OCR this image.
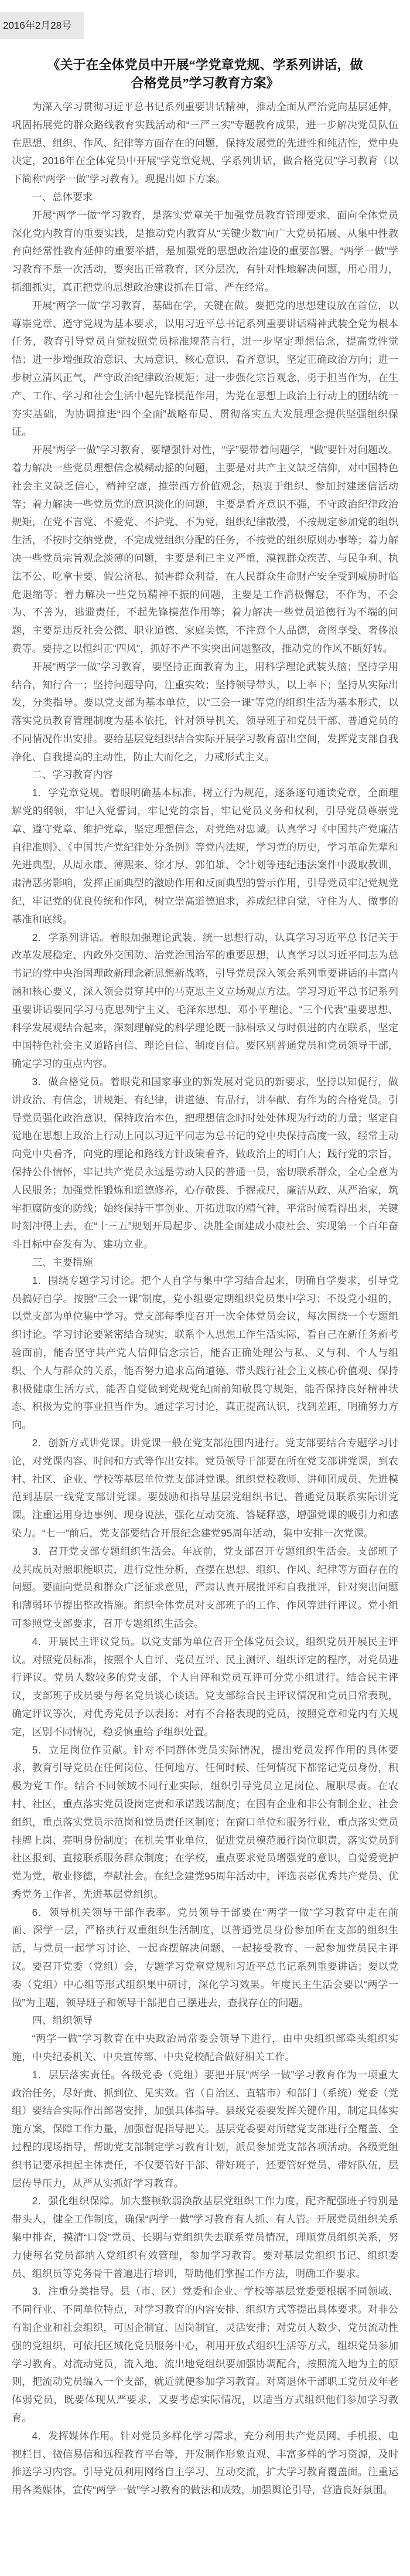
2016年2月28号
《关于在全体党员中开展“学党章党规、学系列讲话，做合格党员”学习教育方案》

为深入学习贯彻习近平总书记系列重要讲话精神，推动全面从严治党向基层延伸，巩固拓展党的群众路线教育实践活动和“三严三实”专题教育成果，进一步解决党员队伍在思想、组织、作风、纪律等方面存在的问题，保持发展党的先进性和纯洁性，党中央决定，2016年在全体党员中开展“学党章党规、学系列讲话，做合格党员”学习教育（以下简称“两学一做”学习教育）。现提出如下方案。

一、总体要求

开展“两学一做”学习教育，是落实党章关于加强党员教育管理要求、面向全体党员深化党内教育的重要实践，是推动党内教育从“关键少数”向广大党员拓展、从集中性教育向经常性教育延伸的重要举措，是加强党的思想政治建设的重要部署。“两学一做”学习教育不是一次活动，要突出正常教育，区分层次，有针对性地解决问题，用心用力，抓细抓实，真正把党的思想政治建设抓在日常、严在经常。

开展“两学一做”学习教育，基础在学，关键在做。要把党的思想建设放在首位，以尊崇党章、遵守党规为基本要求，以用习近平总书记系列重要讲话精神武装全党为根本任务，教育引导党员自觉按照党员标准规范言行，进一步坚定理想信念，提高党性觉悟；进一步增强政治意识、大局意识、核心意识、看齐意识，坚定正确政治方向；进一步树立清风正气，严守政治纪律政治规矩；进一步强化宗旨观念，勇于担当作为，在生产、工作、学习和社会生活中起先锋模范作用，为党在思想上政治上行动上的团结统一夯实基础，为协调推进“四个全面”战略布局、贯彻落实五大发展理念提供坚强组织保证。

开展“两学一做”学习教育，要增强针对性，“学”要带着问题学，“做”要针对问题改。着力解决一些党员理想信念模糊动摇的问题，主要是对共产主义缺乏信仰，对中国特色社会主义缺乏信心，精神空虚，推崇西方价值观念，热衷于组织、参加封建迷信活动等；着力解决一些党员党的意识淡化的问题，主要是看齐意识不强，不守政治纪律政治规矩，在党不言党、不爱党、不护党、不为党，组织纪律散漫，不按规定参加党的组织生活，不按时交纳党费，不完成党组织分配的任务，不按党的组织原则办事等；着力解决一些党员宗旨观念淡薄的问题，主要是利己主义严重，漠视群众疾苦、与民争利、执法不公、吃拿卡要、假公济私、损害群众利益，在人民群众生命财产安全受到威胁时临危退缩等；着力解决一些党员精神不振的问题，主要是工作消极懈怠，不作为、不会为、不善为，逃避责任，不起先锋模范作用等；着力解决一些党员道德行为不端的问题，主要是违反社会公德、职业道德、家庭美德，不注意个人品德，贪图享受、奢侈浪费等。要持之以恒纠正“四风”，抓好不严不实突出问题整改，推动党的作风不断好转。

开展“两学一做”学习教育，要坚持正面教育为主，用科学理论武装头脑；坚持学用结合，知行合一；坚持问题导向，注重实效；坚持领导带头，以上率下；坚持从实际出发，分类指导。要以党支部为基本单位，以“三会一课”等党的组织生活为基本形式，以落实党员教育管理制度为基本依托，针对领导机关、领导班子和党员干部、普通党员的不同情况作出安排。要给基层党组织结合实际开展学习教育留出空间，发挥党支部自我净化、自我提高的主动性，防止大而化之，力戒形式主义。

二、学习教育内容

1．学党章党规。着眼明确基本标准、树立行为规范，逐条逐句通读党章，全面理解党的纲领，牢记入党誓词，牢记党的宗旨，牢记党员义务和权利，引导党员尊崇党章、遵守党章、维护党章，坚定理想信念，对党绝对忠诚。认真学习《中国共产党廉洁自律准则》、《中国共产党纪律处分条例》等党内法规，学习党的历史，学习革命先辈和先进典型，从周永康、薄熙来、徐才厚、郭伯雄、令计划等违纪违法案件中汲取教训，肃清恶劣影响，发挥正面典型的激励作用和反面典型的警示作用，引导党员牢记党规党纪，牢记党的优良传统和作风，树立崇高道德追求，养成纪律自觉，守住为人、做事的基准和底线。

2．学系列讲话。着眼加强理论武装、统一思想行动，认真学习习近平总书记关于改革发展稳定、内政外交国防、治党治国治军的重要思想，认真学习以习近平同志为总书记的党中央治国理政新理念新思想新战略，引导党员深入领会系列重要讲话的丰富内涵和核心要义，深入领会贯穿其中的马克思主义立场观点方法。学习习近平总书记系列重要讲话要同学习马克思列宁主义、毛泽东思想、邓小平理论、“三个代表”重要思想、科学发展观结合起来，深刻理解党的科学理论既一脉相承又与时俱进的内在联系，坚定中国特色社会主义道路自信、理论自信、制度自信。要区别普通党员和党员领导干部，确定学习的重点内容。

3．做合格党员。着眼党和国家事业的新发展对党员的新要求，坚持以知促行，做讲政治、有信念，讲规矩、有纪律，讲道德、有品行，讲奉献、有作为的合格党员。引导党员强化政治意识，保持政治本色，把理想信念时时处处体现为行动的力量；坚定自觉地在思想上政治上行动上同以习近平同志为总书记的党中央保持高度一致，经常主动向党中央看齐，向党的理论和路线方针政策看齐，做政治上的明白人；践行党的宗旨，保持公仆情怀，牢记共产党员永远是劳动人民的普通一员，密切联系群众，全心全意为人民服务；加强党性锻炼和道德修养，心存敬畏、手握戒尺，廉洁从政、从严治家，筑牢拒腐防变的防线；始终保持干事创业、开拓进取的精气神，平常时候看得出来，关键时刻冲得上去，在“十三五”规划开局起步、决胜全面建成小康社会、实现第一个百年奋斗目标中奋发有为、建功立业。

三、主要措施

1．围绕专题学习讨论。把个人自学与集中学习结合起来，明确自学要求，引导党员搞好自学。按照“三会一课”制度，党小组要定期组织党员集中学习；不设党小组的，以党支部为单位集中学习。党支部每季度召开一次全体党员会议，每次围绕一个专题组织讨论。学习讨论要紧密结合现实，联系个人思想工作生活实际，看自己在新任务新考验面前，能否坚守共产党人信仰信念宗旨，能否正确处理公与私、义与利、个人与组织、个人与群众的关系，能否努力追求高尚道德、带头践行社会主义核心价值观、保持积极健康生活方式，能否自觉做到党规党纪面前知敬畏守规矩，能否保持良好精神状态、积极为党的事业担当作为。通过学习讨论，真正提高认识，找到差距，明确努力方向。

2．创新方式讲党课。讲党课一般在党支部范围内进行。党支部要结合专题学习讨论，对党课内容、时间和方式等作出安排。党员领导干部要在所在党支部讲党课，到农村、社区、企业、学校等基层单位党支部讲党课。组织党校教师、讲师团成员、先进模范到基层一线党支部讲党课。要鼓励和指导基层党组织书记、普通党员联系实际讲党课。注重运用身边事例、现身说法，强化互动交流、答疑释惑，增强党课的吸引力和感染力。“七一”前后，党支部要结合开展纪念建党95周年活动，集中安排一次党课。

3．召开党支部专题组织生活会。年底前，党支部召开专题组织生活会。支部班子及其成员对照职能职责，进行党性分析，查摆在思想、组织、作风、纪律等方面存在的问题。要面向党员和群众广泛征求意见，严肃认真开展批评和自我批评，针对突出问题和薄弱环节提出整改措施。组织全体党员对支部班子的工作、作风等进行评议。党小组可参照党支部要求，召开专题组织生活会。

4．开展民主评议党员。以党支部为单位召开全体党员会议，组织党员开展民主评议。对照党员标准，按照个人自评、党员互评、民主测评、组织评定的程序，对党员进行评议。党员人数较多的党支部，个人自评和党员互评可分党小组进行。结合民主评议，支部班子成员要与每名党员谈心谈话。党支部综合民主评议情况和党员日常表现，确定评议等次，对优秀党员予以表扬；对有不合格表现的党员，按照党章和党内有关规定，区别不同情况，稳妥慎重给予组织处置。

5．立足岗位作贡献。针对不同群体党员实际情况，提出党员发挥作用的具体要求，教育引导党员在任何岗位、任何地方、任何时候、任何情况下都铭记党员身份，积极为党工作。结合不同领域不同行业实际，组织引导党员立足岗位、履职尽责。在农村、社区，重点落实党员设岗定责和承诺践诺制度；在国有企业和非公有制企业、社会组织，重点落实党员示范岗和党员责任区制度；在窗口单位和服务行业，重点落实党员挂牌上岗、亮明身份制度；在机关事业单位，促进党员模范履行岗位职责，落实党员到社区报到、直接联系服务群众制度；在学校，重点要求党员增强党的意识，自觉爱党护党为党，敬业修德，奉献社会。在纪念建党95周年活动中，评选表彰优秀共产党员、优秀党务工作者、先进基层党组织。

6．领导机关领导干部作表率。党员领导干部要在“两学一做”学习教育中走在前面、深学一层，严格执行双重组织生活制度，以普通党员身份参加所在支部的组织生活，与党员一起学习讨论、一起查摆解决问题、一起接受教育、一起参加党员民主评议。要召开党委（党组）会，专题学习党章党规和习近平总书记系列重要讲话；要以党委（党组）中心组等形式组织集中研讨，深化学习效果。年度民主生活会要以“两学一做”为主题，领导班子和领导干部把自己摆进去，查找存在的问题。

四、组织领导

“两学一做”学习教育在中央政治局常委会领导下进行，由中央组织部牵头组织实施，中央纪委机关、中央宣传部、中央党校配合做好相关工作。

1．层层落实责任。各级党委（党组）要把开展“两学一做”学习教育作为一项重大政治任务，尽好责、抓到位、见实效。省（自治区、直辖市）和部门（系统）党委（党组）要结合实际作出部署安排，加强具体指导。县级党委要发挥关键作用，制定具体实施方案，保障工作力量，加强督促指导把关。基层党委要对所辖党支部进行全覆盖、全过程的现场指导，帮助党支部制定学习教育计划，派员参加党支部各项活动。各级党组织书记要承担起主体责任，不仅要管好干部、带好班子，还要管好党员、带好队伍，层层传导压力，从严从实抓好学习教育。

2．强化组织保障。加大整顿软弱涣散基层党组织工作力度，配齐配强班子特别是带头人，健全工作制度，确保“两学一做”学习教育有人抓、有人管。开展党员组织关系集中排查，摸清“口袋”党员、长期与党组织失去联系党员情况，理顺党员组织关系，努力使每名党员都纳入党组织有效管理，参加学习教育。要对基层党组织书记、组织委员、组织员等党务骨干普遍进行培训，帮助他们掌握工作方法，明确工作要求。

3．注重分类指导。县（市、区）党委和企业、学校等基层党委要根据不同领域、不同行业、不同单位特点，对学习教育的内容安排、组织方式等提出具体要求。对非公有制企业和社会组织，可因企制宜、因岗制宜，灵活安排；对党员人数少、党员流动性强的党组织，可依托区域化党员服务中心，利用开放式组织生活等方式，组织党员参加学习教育。对流动党员，流入地、流出地党组织要加强协调配合，按照流入地为主的原则，把流动党员编入一个支部，就近就便参加学习教育。对离退休干部职工党员及年老体弱党员，既要体现从严要求，又要考虑实际情况，以适当方式组织他们参加学习教育。

4．发挥媒体作用。针对党员多样化学习需求，充分利用共产党员网、手机报、电视栏目、微信易信和远程教育平台等，开发制作形象直观、丰富多样的学习资源，及时推送学习内容。引导党员利用网络自主学习、互动交流，扩大学习教育覆盖面。注重运用各类媒体，宣传“两学一做”学习教育的做法和成效，加强舆论引导，营造良好氛围。
